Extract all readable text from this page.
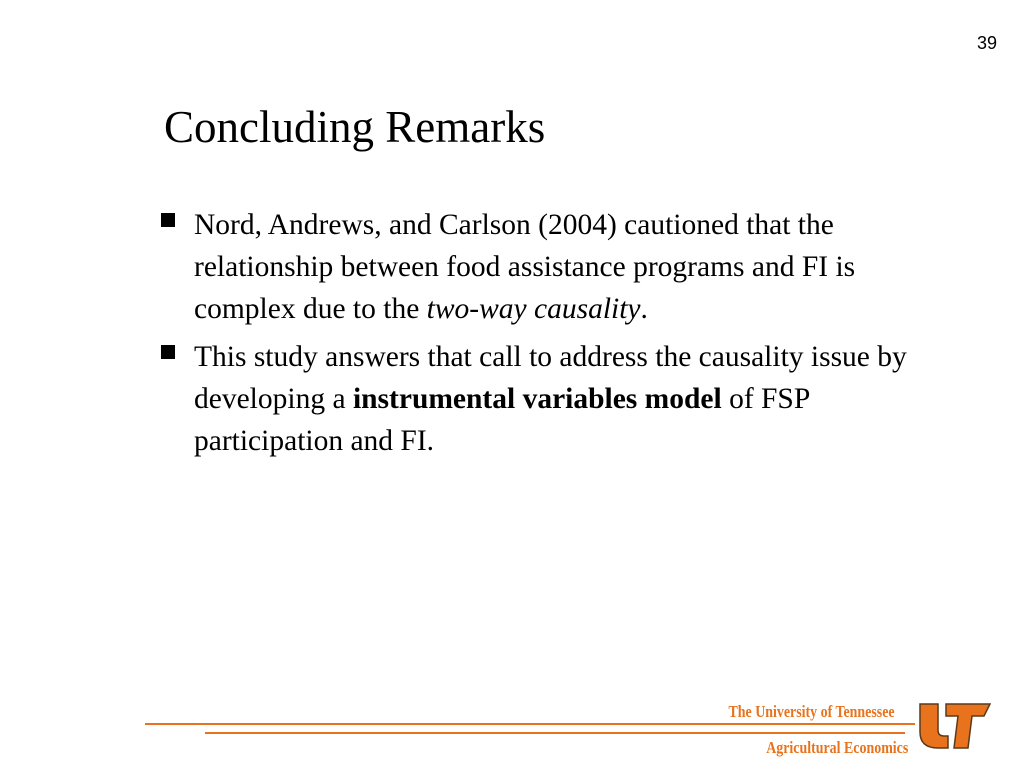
39
Concluding Remarks
Nord, Andrews, and Carlson (2004) cautioned that the relationship between food assistance programs and FI is complex due to the two-way causality.
This study answers that call to address the causality issue by developing a instrumental variables model of FSP participation and FI.
The University of Tennessee
Agricultural Economics
